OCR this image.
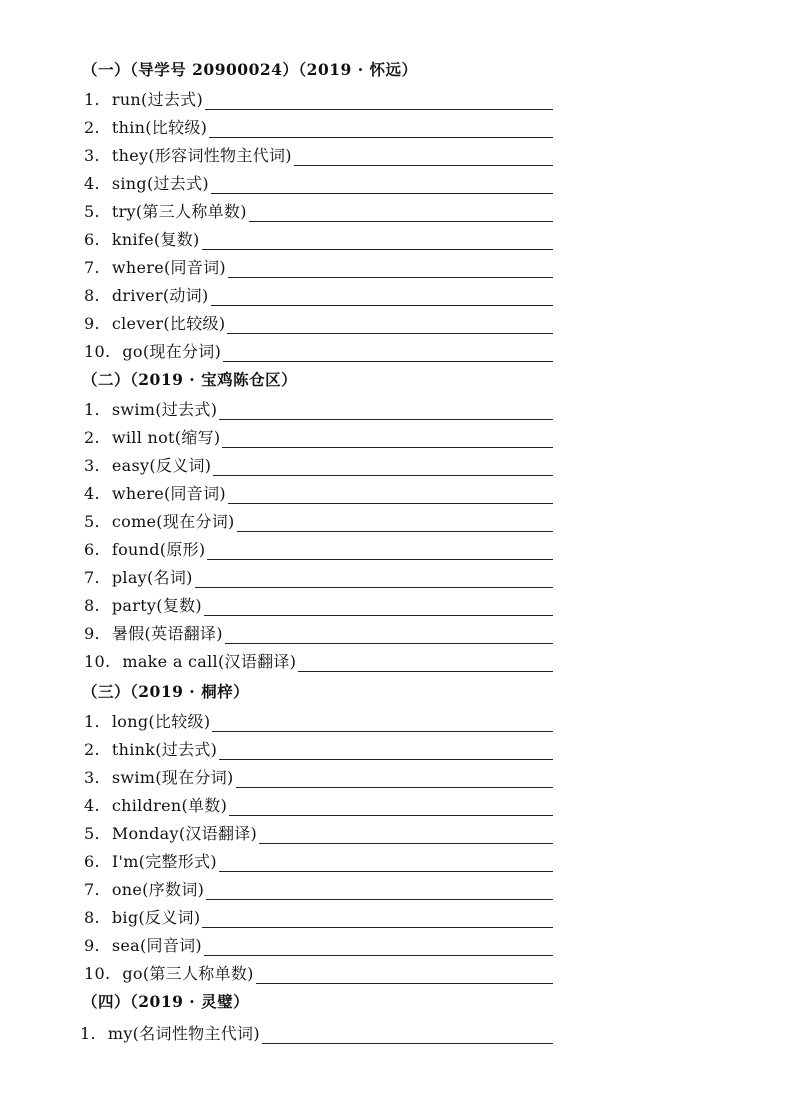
（一）（导学号 20900024）（2019 · 怀远）
1. run(过去式)
2. thin(比较级)
3. they(形容词性物主代词)
4. sing(过去式)
5. try(第三人称单数)
6. knife(复数)
7. where(同音词)
8. driver(动词)
9. clever(比较级)
10. go(现在分词)
（二）（2019 · 宝鸡陈仓区）
1. swim(过去式)
2. will not(缩写)
3. easy(反义词)
4. where(同音词)
5. come(现在分词)
6. found(原形)
7. play(名词)
8. party(复数)
9. 暑假(英语翻译)
10. make a call(汉语翻译)
（三）（2019 · 桐梓）
1. long(比较级)
2. think(过去式)
3. swim(现在分词)
4. children(单数)
5. Monday(汉语翻译)
6. I'm(完整形式)
7. one(序数词)
8. big(反义词)
9. sea(同音词)
10. go(第三人称单数)
（四）（2019 · 灵璧）
1. my(名词性物主代词)
